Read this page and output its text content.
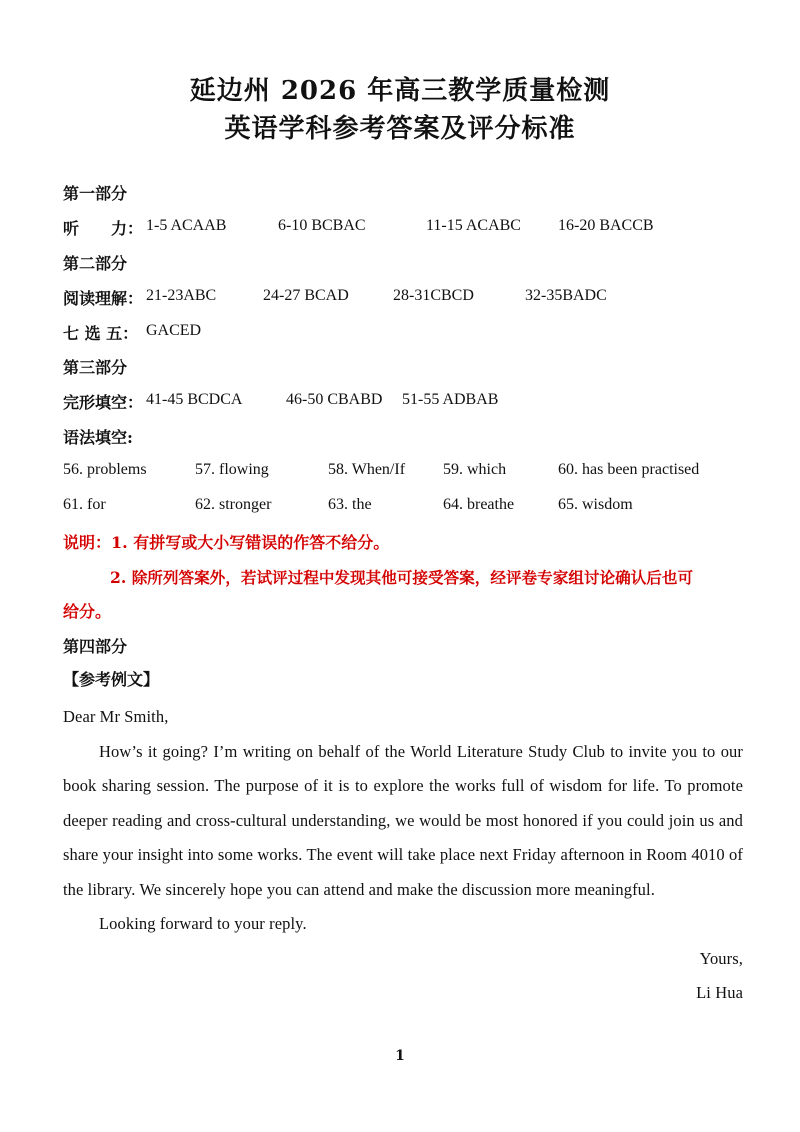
延边州 2026 年高三教学质量检测
英语学科参考答案及评分标准
第一部分
听　　力： 1-5 ACAAB	6-10 BCBAC	11-15 ACABC 16-20 BACCB
第二部分
阅读理解： 21-23ABC	24-27 BCAD	28-31CBCD	32-35BADC
七 选 五： GACED
第三部分
完形填空： 41-45 BCDCA	46-50 CBABD 51-55 ADBAB
语法填空:
56. problems	57. flowing	58. When/If 59. which	60. has been practised
61. for	62. stronger	63. the	64. breathe	65. wisdom
说明：1. 有拼写或大小写错误的作答不给分。
2. 除所列答案外，若试评过程中发现其他可接受答案，经评卷专家组讨论确认后也可
给分。
第四部分
【参考例文】

Dear Mr Smith,

How’s it going? I’m writing on behalf of the World Literature Study Club to invite you to our book sharing session. The purpose of it is to explore the works full of wisdom for life. To promote deeper reading and cross-cultural understanding, we would be most honored if you could join us and share your insight into some works. The event will take place next Friday afternoon in Room 4010 of the library. We sincerely hope you can attend and make the discussion more meaningful.

Looking forward to your reply.

Yours,

Li Hua

1
